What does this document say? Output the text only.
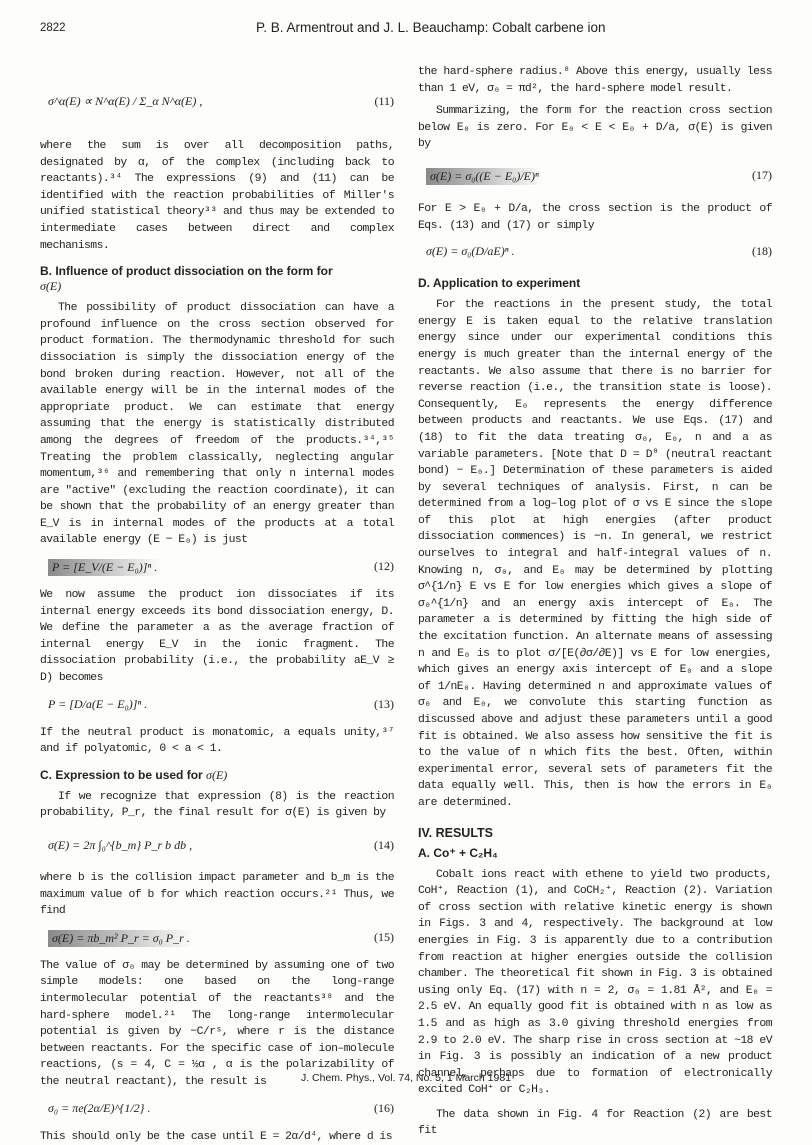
2822	P. B. Armentrout and J. L. Beauchamp: Cobalt carbene ion
σ^α(E) ∝ N^α(E) / Σ_α N^α(E) ,	(11)

where the sum is over all decomposition paths, designated by α, of the complex (including back to reactants).³⁴ The expressions (9) and (11) can be identified with the reaction probabilities of Miller's unified statistical theory³³ and thus may be extended to intermediate cases between direct and complex mechanisms.

B. Influence of product dissociation on the form for
σ(E)

The possibility of product dissociation can have a profound influence on the cross section observed for product formation. The thermodynamic threshold for such dissociation is simply the dissociation energy of the bond broken during reaction. However, not all of the available energy will be in the internal modes of the appropriate product. We can estimate that energy assuming that the energy is statistically distributed among the degrees of freedom of the products.³⁴,³⁵ Treating the problem classically, neglecting angular momentum,³⁶ and remembering that only n internal modes are "active" (excluding the reaction coordinate), it can be shown that the probability of an energy greater than E_V is in internal modes of the products at a total available energy (E − E₀) is just

P = [E_V/(E − E₀)]ⁿ .	(12)

We now assume the product ion dissociates if its internal energy exceeds its bond dissociation energy, D. We define the parameter a as the average fraction of internal energy E_V in the ionic fragment. The dissociation probability (i.e., the probability aE_V ≥ D) becomes

P = [D/a(E − E₀)]ⁿ .	(13)

If the neutral product is monatomic, a equals unity,³⁷ and if polyatomic, 0 < a < 1.

C. Expression to be used for σ(E)

If we recognize that expression (8) is the reaction probability, P_r, the final result for σ(E) is given by

σ(E) = 2π ∫₀^{b_m} P_r b db ,	(14)

where b is the collision impact parameter and b_m is the maximum value of b for which reaction occurs.²¹ Thus, we find

σ(E) = πb_m² P_r = σ₀ P_r .	(15)

The value of σ₀ may be determined by assuming one of two simple models: one based on the long-range intermolecular potential of the reactants³⁸ and the hard-sphere model.²¹ The long-range intermolecular potential is given by −C/rˢ, where r is the distance between reactants. For the specific case of ion–molecule reactions, (s = 4, C = ½α , α is the polarizability of the neutral reactant), the result is

σ₀ = πe(2α/E)^{1/2} .	(16)

This should only be the case until E = 2α/d⁴, where d is

the hard-sphere radius.⁸ Above this energy, usually less than 1 eV, σ₀ = πd², the hard-sphere model result.

Summarizing, the form for the reaction cross section below E₀ is zero. For E₀ < E < E₀ + D/a, σ(E) is given by

σ(E) = σ₀((E − E₀)/E)ⁿ	(17)

For E > E₀ + D/a, the cross section is the product of Eqs. (13) and (17) or simply

σ(E) = σ₀(D/aE)ⁿ .	(18)
D. Application to experiment

For the reactions in the present study, the total energy E is taken equal to the relative translation energy since under our experimental conditions this energy is much greater than the internal energy of the reactants. We also assume that there is no barrier for reverse reaction (i.e., the transition state is loose). Consequently, E₀ represents the energy difference between products and reactants. We use Eqs. (17) and (18) to fit the data treating σ₀, E₀, n and a as variable parameters. [Note that D = D⁰ (neutral reactant bond) − E₀.] Determination of these parameters is aided by several techniques of analysis. First, n can be determined from a log–log plot of σ vs E since the slope of this plot at high energies (after product dissociation commences) is −n. In general, we restrict ourselves to integral and half-integral values of n. Knowing n, σ₀, and E₀ may be determined by plotting σ^{1/n} E vs E for low energies which gives a slope of σ₀^{1/n} and an energy axis intercept of E₀. The parameter a is determined by fitting the high side of the excitation function. An alternate means of assessing n and E₀ is to plot σ/[E(∂σ/∂E)] vs E for low energies, which gives an energy axis intercept of E₀ and a slope of 1/nE₀. Having determined n and approximate values of σ₀ and E₀, we convolute this starting function as discussed above and adjust these parameters until a good fit is obtained. We also assess how sensitive the fit is to the value of n which fits the best. Often, within experimental error, several sets of parameters fit the data equally well. This, then is how the errors in E₀ are determined.

IV. RESULTS
A. Co⁺ + C₂H₄

Cobalt ions react with ethene to yield two products, CoH⁺, Reaction (1), and CoCH₂⁺, Reaction (2). Variation of cross section with relative kinetic energy is shown in Figs. 3 and 4, respectively. The background at low energies in Fig. 3 is apparently due to a contribution from reaction at higher energies outside the collision chamber. The theoretical fit shown in Fig. 3 is obtained using only Eq. (17) with n = 2, σ₀ = 1.81 Å², and E₀ = 2.5 eV. An equally good fit is obtained with n as low as 1.5 and as high as 3.0 giving threshold energies from 2.9 to 2.0 eV. The sharp rise in cross section at ~18 eV in Fig. 3 is possibly an indication of a new product channel, perhaps due to formation of electronically excited CoH⁺ or C₂H₃.

The data shown in Fig. 4 for Reaction (2) are best fit

J. Chem. Phys., Vol. 74, No. 5, 1 March 1981
